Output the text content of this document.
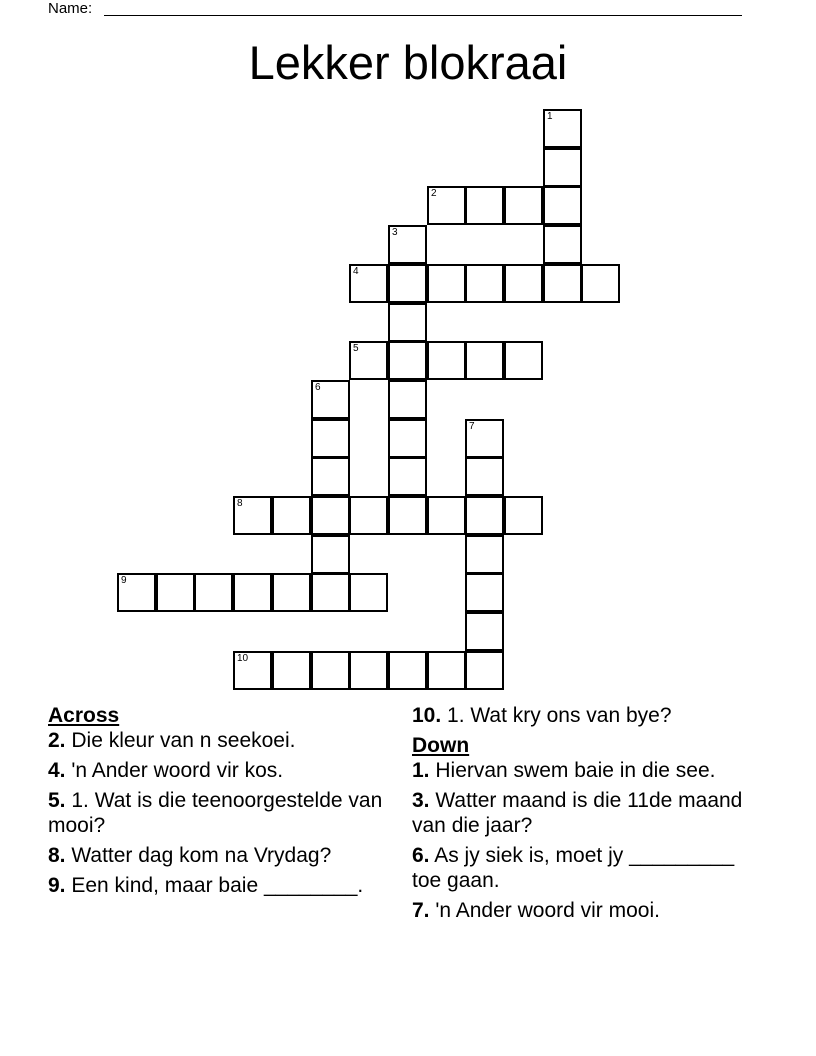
Name:
Lekker blokraai
1
2
3
4
5
6
7
8
9
10
Across
2. Die kleur van n seekoei.
4. 'n Ander woord vir kos.
5. 1. Wat is die teenoorgestelde van mooi?
8. Watter dag kom na Vrydag?
9. Een kind, maar baie ________.
10. 1. Wat kry ons van bye?
Down
1. Hiervan swem baie in die see.
3. Watter maand is die 11de maand van die jaar?
6. As jy siek is, moet jy _________ toe gaan.
7. 'n Ander woord vir mooi.
